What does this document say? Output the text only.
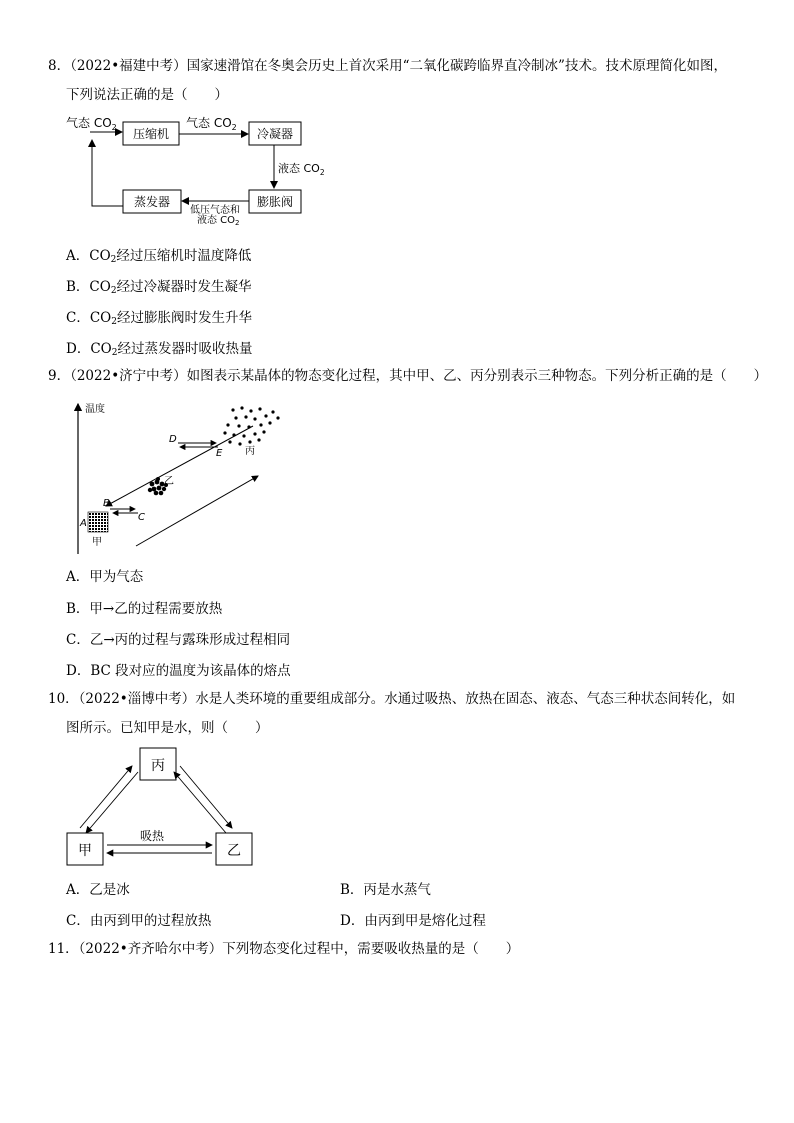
8．（2022•福建中考）国家速滑馆在冬奥会历史上首次采用“二氧化碳跨临界直冷制冰”技术。技术原理简化如图，
下列说法正确的是（　　）
气态 $CO_2$ 压缩机
气态 $CO_2$ 冷凝器
液态 $CO_2$
膨胀阀
低压气态和
液态 $CO_2$
蒸发器
A．$CO_2$经过压缩机时温度降低
B．$CO_2$经过冷凝器时发生凝华
C．$CO_2$经过膨胀阀时发生升华
D．$CO_2$经过蒸发器时吸收热量
9．（2022•济宁中考）如图表示某晶体的物态变化过程，其中甲、乙、丙分别表示三种物态。下列分析正确的是（　　）
温度
A
B
C
D
E
甲
乙
丙
A．甲为气态
B．甲→乙的过程需要放热
C．乙→丙的过程与露珠形成过程相同
D．BC 段对应的温度为该晶体的熔点
10．（2022•淄博中考）水是人类环境的重要组成部分。水通过吸热、放热在固态、液态、气态三种状态间转化，如
图所示。已知甲是水，则（　　）
丙
甲	乙
吸热
A．乙是冰	B．丙是水蒸气
C．由丙到甲的过程放热	D．由丙到甲是熔化过程
11．（2022•齐齐哈尔中考）下列物态变化过程中，需要吸收热量的是（　　）
